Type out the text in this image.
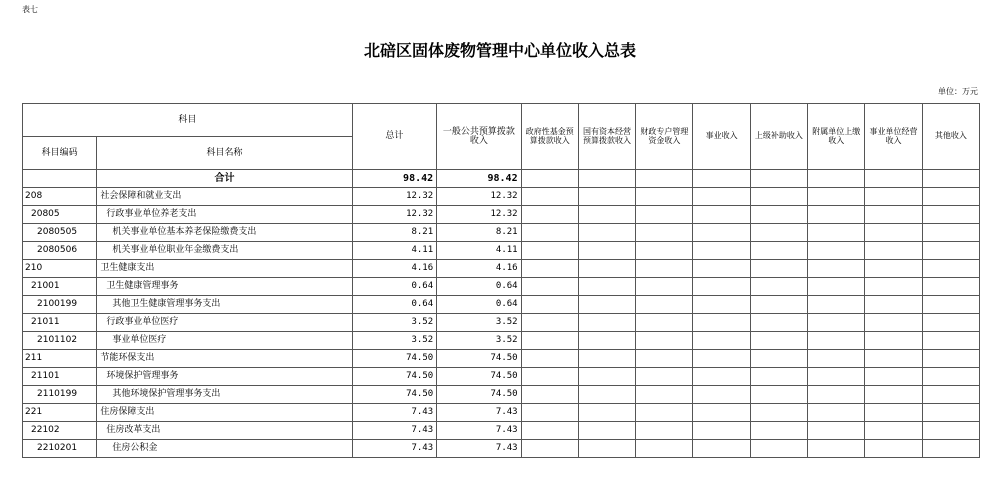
表七
北碚区固体废物管理中心单位收入总表
单位：万元
科目		总计	一般公共预算拨款收入	政府性基金预算拨款收入	国有资本经营预算拨款收入	财政专户管理资金收入	事业收入	上级补助收入	附属单位上缴收入	事业单位经营收入	其他收入
科目编码	科目名称										
	合计	98.42	98.42								
208	社会保障和就业支出	12.32	12.32								
20805	行政事业单位养老支出	12.32	12.32								
2080505	机关事业单位基本养老保险缴费支出	8.21	8.21								
2080506	机关事业单位职业年金缴费支出	4.11	4.11								
210	卫生健康支出	4.16	4.16								
21001	卫生健康管理事务	0.64	0.64								
2100199	其他卫生健康管理事务支出	0.64	0.64								
21011	行政事业单位医疗	3.52	3.52								
2101102	事业单位医疗	3.52	3.52								
211	节能环保支出	74.50	74.50								
21101	环境保护管理事务	74.50	74.50								
2110199	其他环境保护管理事务支出	74.50	74.50								
221	住房保障支出	7.43	7.43								
22102	住房改革支出	7.43	7.43								
2210201	住房公积金	7.43	7.43								
